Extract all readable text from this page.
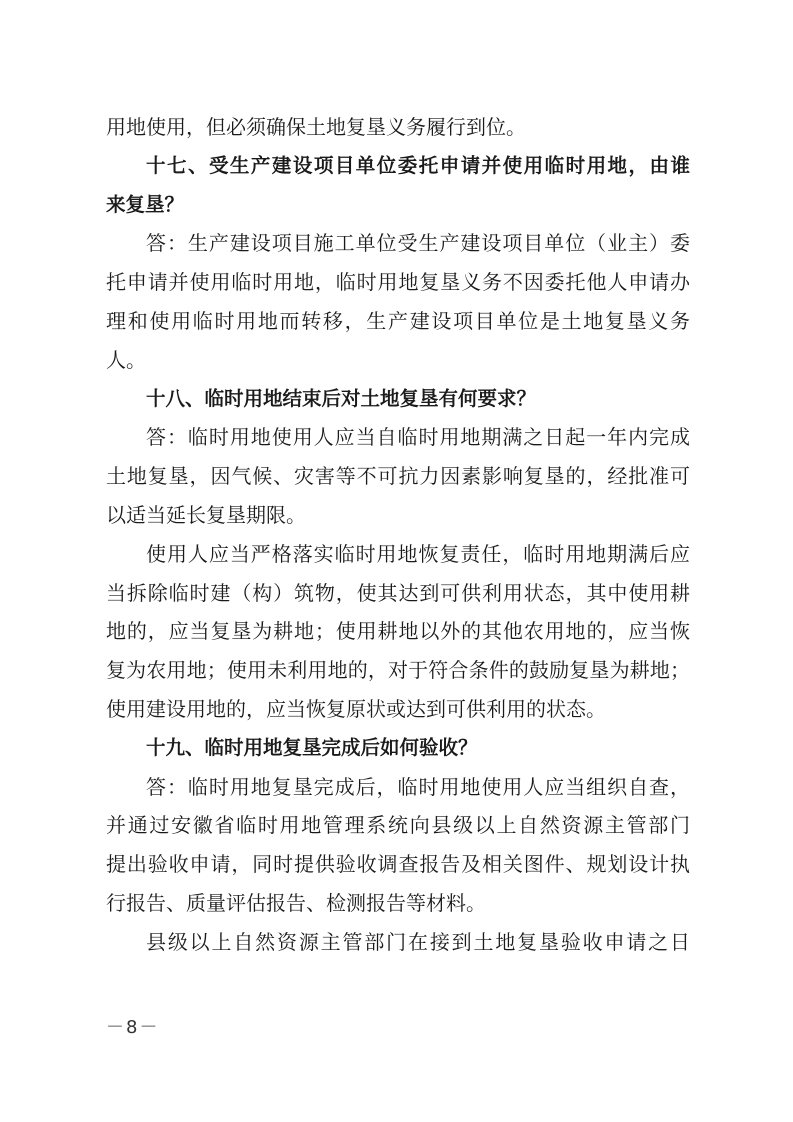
用地使用，但必须确保土地复垦义务履行到位。
十七、受生产建设项目单位委托申请并使用临时用地，由谁
来复垦？
答：生产建设项目施工单位受生产建设项目单位（业主）委
托申请并使用临时用地，临时用地复垦义务不因委托他人申请办
理和使用临时用地而转移，生产建设项目单位是土地复垦义务
人。
十八、临时用地结束后对土地复垦有何要求？
答：临时用地使用人应当自临时用地期满之日起一年内完成
土地复垦，因气候、灾害等不可抗力因素影响复垦的，经批准可
以适当延长复垦期限。
使用人应当严格落实临时用地恢复责任，临时用地期满后应
当拆除临时建（构）筑物，使其达到可供利用状态，其中使用耕
地的，应当复垦为耕地；使用耕地以外的其他农用地的，应当恢
复为农用地；使用未利用地的，对于符合条件的鼓励复垦为耕地；
使用建设用地的，应当恢复原状或达到可供利用的状态。
十九、临时用地复垦完成后如何验收？
答：临时用地复垦完成后，临时用地使用人应当组织自查，
并通过安徽省临时用地管理系统向县级以上自然资源主管部门
提出验收申请，同时提供验收调查报告及相关图件、规划设计执
行报告、质量评估报告、检测报告等材料。
县级以上自然资源主管部门在接到土地复垦验收申请之日
－8－
